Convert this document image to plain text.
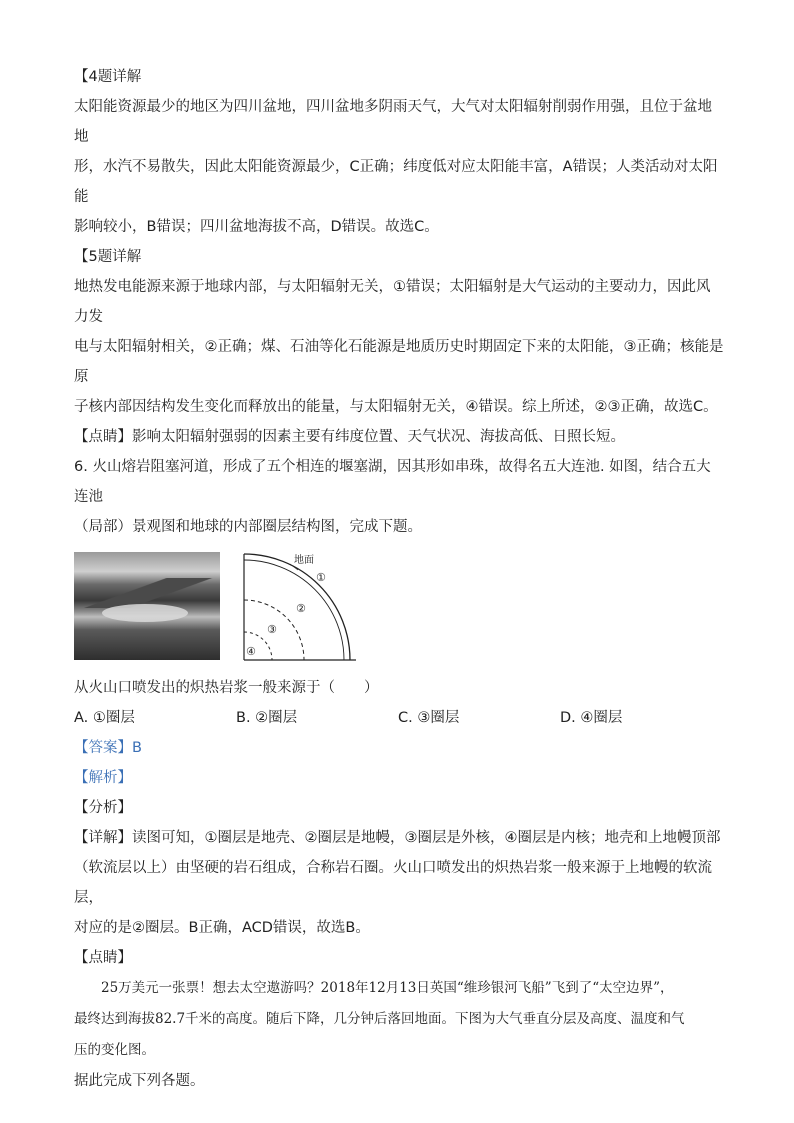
【4题详解

太阳能资源最少的地区为四川盆地，四川盆地多阴雨天气，大气对太阳辐射削弱作用强，且位于盆地地

形，水汽不易散失，因此太阳能资源最少，C正确；纬度低对应太阳能丰富，A错误；人类活动对太阳能

影响较小，B错误；四川盆地海拔不高，D错误。故选C。

【5题详解

地热发电能源来源于地球内部，与太阳辐射无关，①错误；太阳辐射是大气运动的主要动力，因此风力发

电与太阳辐射相关，②正确；煤、石油等化石能源是地质历史时期固定下来的太阳能，③正确；核能是原

子核内部因结构发生变化而释放出的能量，与太阳辐射无关，④错误。综上所述，②③正确，故选C。

【点睛】影响太阳辐射强弱的因素主要有纬度位置、天气状况、海拔高低、日照长短。

6. 火山熔岩阻塞河道，形成了五个相连的堰塞湖，因其形如串珠，故得名五大连池. 如图，结合五大连池

（局部）景观图和地球的内部圈层结构图，完成下题。

地面
①
②
③
④

从火山口喷发出的炽热岩浆一般来源于（　　）

A. ①圈层	B. ②圈层	C. ③圈层	D. ④圈层

【答案】B

【解析】

【分析】

【详解】读图可知，①圈层是地壳、②圈层是地幔，③圈层是外核，④圈层是内核；地壳和上地幔顶部

（软流层以上）由坚硬的岩石组成，合称岩石圈。火山口喷发出的炽热岩浆一般来源于上地幔的软流层，

对应的是②圈层。B正确，ACD错误，故选B。

【点睛】

25万美元一张票！想去太空遨游吗？2018年12月13日英国“维珍银河飞船”飞到了“太空边界”，

最终达到海拔82.7千米的高度。随后下降，几分钟后落回地面。下图为大气垂直分层及高度、温度和气

压的变化图。

据此完成下列各题。
